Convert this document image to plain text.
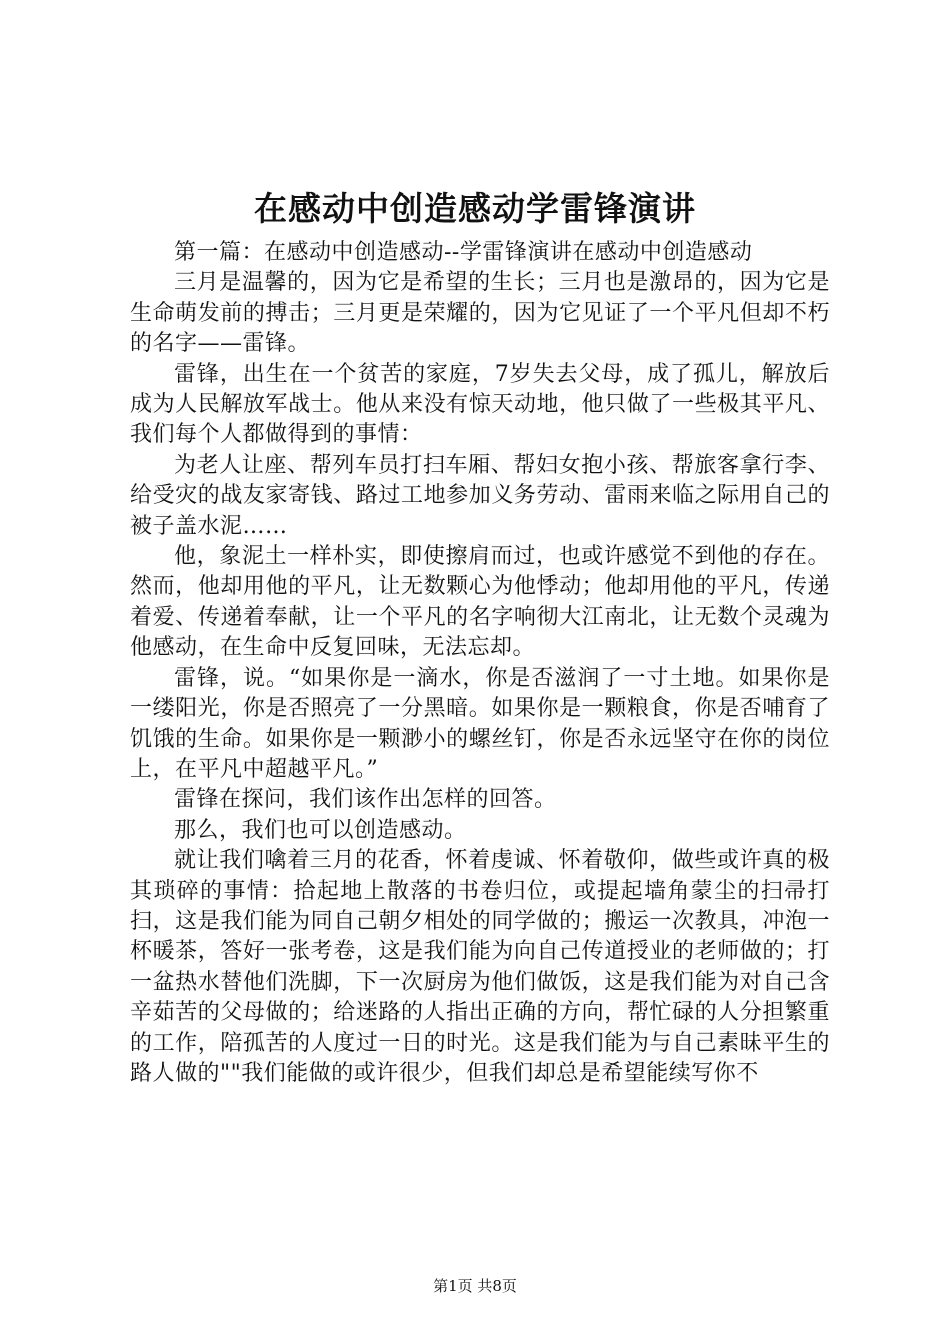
在感动中创造感动学雷锋演讲

第一篇：在感动中创造感动--学雷锋演讲在感动中创造感动

三月是温馨的，因为它是希望的生长；三月也是激昂的，因为它是生命萌发前的搏击；三月更是荣耀的，因为它见证了一个平凡但却不朽的名字——雷锋。

雷锋，出生在一个贫苦的家庭，7岁失去父母，成了孤儿，解放后成为人民解放军战士。他从来没有惊天动地，他只做了一些极其平凡、我们每个人都做得到的事情：

为老人让座、帮列车员打扫车厢、帮妇女抱小孩、帮旅客拿行李、给受灾的战友家寄钱、路过工地参加义务劳动、雷雨来临之际用自己的被子盖水泥……

他，象泥土一样朴实，即使擦肩而过，也或许感觉不到他的存在。然而，他却用他的平凡，让无数颗心为他悸动；他却用他的平凡，传递着爱、传递着奉献，让一个平凡的名字响彻大江南北，让无数个灵魂为他感动，在生命中反复回味，无法忘却。

雷锋，说。“如果你是一滴水，你是否滋润了一寸土地。如果你是一缕阳光，你是否照亮了一分黑暗。如果你是一颗粮食，你是否哺育了饥饿的生命。如果你是一颗渺小的螺丝钉，你是否永远坚守在你的岗位上，在平凡中超越平凡。”

雷锋在探问，我们该作出怎样的回答。

那么，我们也可以创造感动。

就让我们噙着三月的花香，怀着虔诚、怀着敬仰，做些或许真的极其琐碎的事情：拾起地上散落的书卷归位，或提起墙角蒙尘的扫帚打扫，这是我们能为同自己朝夕相处的同学做的；搬运一次教具，冲泡一杯暖茶，答好一张考卷，这是我们能为向自己传道授业的老师做的；打一盆热水替他们洗脚，下一次厨房为他们做饭，这是我们能为对自己含辛茹苦的父母做的；给迷路的人指出正确的方向，帮忙碌的人分担繁重的工作，陪孤苦的人度过一日的时光。这是我们能为与自己素昧平生的路人做的""我们能做的或许很少，但我们却总是希望能续写你不

第1页 共8页
